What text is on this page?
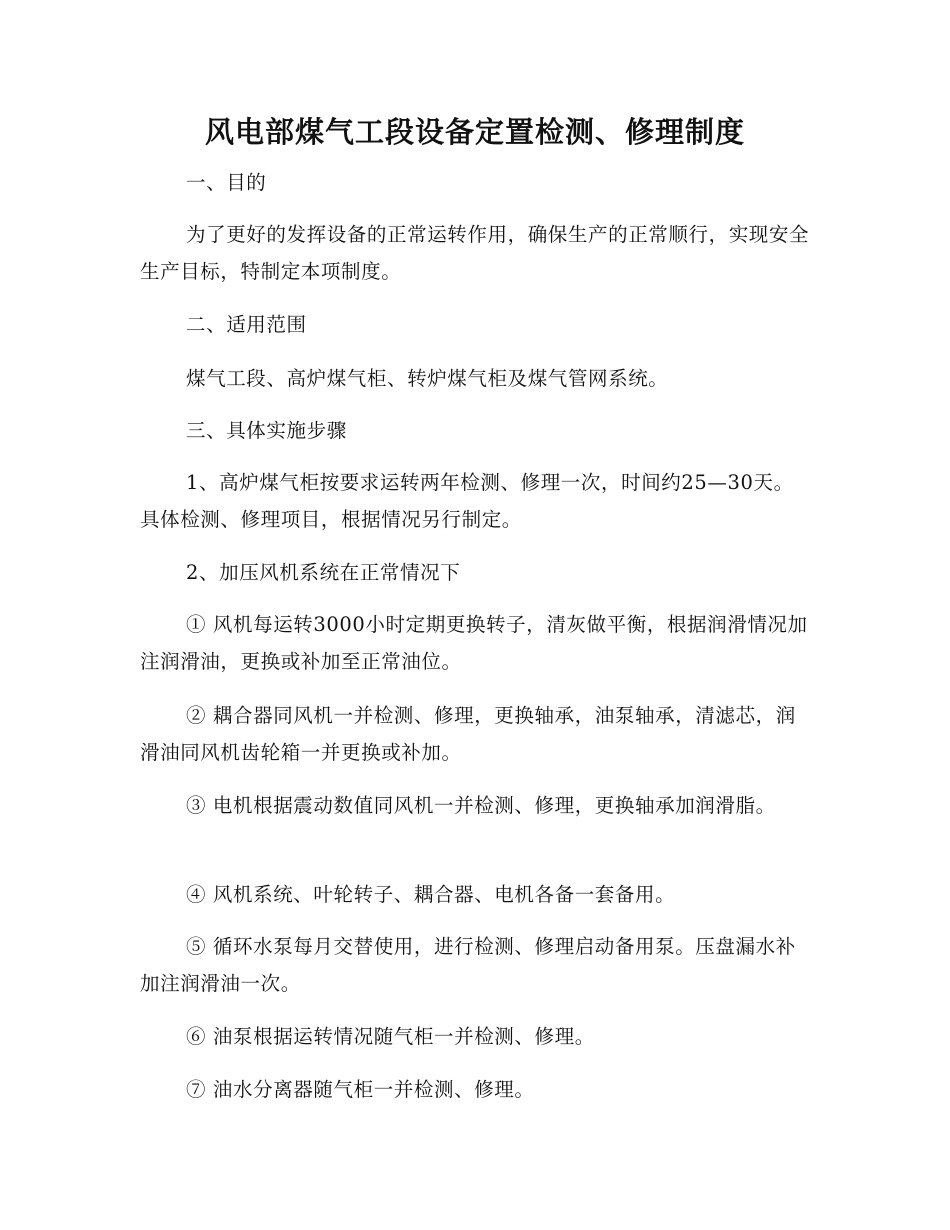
风电部煤气工段设备定置检测、修理制度

一、目的

为了更好的发挥设备的正常运转作用，确保生产的正常顺行，实现安全生产目标，特制定本项制度。

二、适用范围

煤气工段、高炉煤气柜、转炉煤气柜及煤气管网系统。

三、具体实施步骤

1、高炉煤气柜按要求运转两年检测、修理一次，时间约25—30天。具体检测、修理项目，根据情况另行制定。

2、加压风机系统在正常情况下

① 风机每运转3000小时定期更换转子，清灰做平衡，根据润滑情况加注润滑油，更换或补加至正常油位。

② 耦合器同风机一并检测、修理，更换轴承，油泵轴承，清滤芯，润滑油同风机齿轮箱一并更换或补加。

③ 电机根据震动数值同风机一并检测、修理，更换轴承加润滑脂。

④ 风机系统、叶轮转子、耦合器、电机各备一套备用。

⑤ 循环水泵每月交替使用，进行检测、修理启动备用泵。压盘漏水补加注润滑油一次。

⑥ 油泵根据运转情况随气柜一并检测、修理。

⑦ 油水分离器随气柜一并检测、修理。
